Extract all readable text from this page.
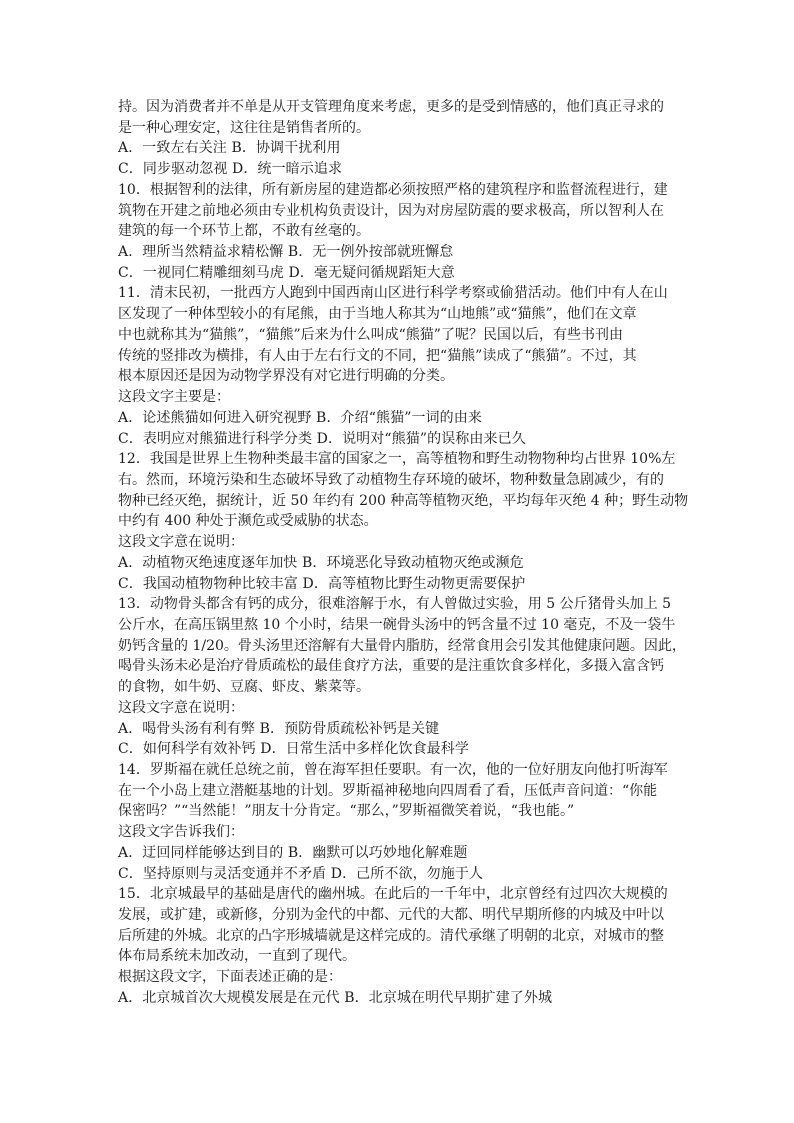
持。因为消费者并不单是从开支管理角度来考虑，更多的是受到情感的，他们真正寻求的
是一种心理安定，这往往是销售者所的。
A．一致左右关注 B．协调干扰利用
C．同步驱动忽视 D．统一暗示追求
10．根据智利的法律，所有新房屋的建造都必须按照严格的建筑程序和监督流程进行，建
筑物在开建之前地必须由专业机构负责设计，因为对房屋防震的要求极高，所以智利人在
建筑的每一个环节上都，不敢有丝毫的。
A．理所当然精益求精松懈 B．无一例外按部就班懈怠
C．一视同仁精雕细刻马虎 D．毫无疑问循规蹈矩大意
11．清末民初，一批西方人跑到中国西南山区进行科学考察或偷猎活动。他们中有人在山
区发现了一种体型较小的有尾熊，由于当地人称其为“山地熊”或“猫熊”，他们在文章
中也就称其为“猫熊”，“猫熊”后来为什么叫成“熊猫”了呢？民国以后，有些书刊由
传统的竖排改为横排，有人由于左右行文的不同，把“猫熊”读成了“熊猫”。不过，其
根本原因还是因为动物学界没有对它进行明确的分类。
这段文字主要是：
A．论述熊猫如何进入研究视野 B．介绍“熊猫”一词的由来
C．表明应对熊猫进行科学分类 D．说明对“熊猫”的误称由来已久
12．我国是世界上生物种类最丰富的国家之一，高等植物和野生动物物种均占世界 10%左
右。然而，环境污染和生态破坏导致了动植物生存环境的破坏，物种数量急剧减少，有的
物种已经灭绝，据统计，近 50 年约有 200 种高等植物灭绝，平均每年灭绝 4 种；野生动物
中约有 400 种处于濒危或受威胁的状态。
这段文字意在说明：
A．动植物灭绝速度逐年加快 B．环境恶化导致动植物灭绝或濒危
C．我国动植物物种比较丰富 D．高等植物比野生动物更需要保护
13．动物骨头都含有钙的成分，很难溶解于水，有人曾做过实验，用 5 公斤猪骨头加上 5
公斤水，在高压锅里熬 10 个小时，结果一碗骨头汤中的钙含量不过 10 毫克，不及一袋牛
奶钙含量的 1/20。骨头汤里还溶解有大量骨内脂肪，经常食用会引发其他健康问题。因此，
喝骨头汤未必是治疗骨质疏松的最佳食疗方法，重要的是注重饮食多样化，多摄入富含钙
的食物，如牛奶、豆腐、虾皮、紫菜等。
这段文字意在说明：
A．喝骨头汤有利有弊 B．预防骨质疏松补钙是关键
C．如何科学有效补钙 D．日常生活中多样化饮食最科学
14．罗斯福在就任总统之前，曾在海军担任要职。有一次，他的一位好朋友向他打听海军
在一个小岛上建立潜艇基地的计划。罗斯福神秘地向四周看了看，压低声音问道：“你能
保密吗？”“当然能！”朋友十分肯定。“那么，”罗斯福微笑着说，“我也能。”
这段文字告诉我们：
A．迂回同样能够达到目的 B．幽默可以巧妙地化解难题
C．坚持原则与灵活变通并不矛盾 D．己所不欲，勿施于人
15．北京城最早的基础是唐代的幽州城。在此后的一千年中，北京曾经有过四次大规模的
发展，或扩建，或新修，分别为金代的中都、元代的大都、明代早期所修的内城及中叶以
后所建的外城。北京的凸字形城墙就是这样完成的。清代承继了明朝的北京，对城市的整
体布局系统未加改动，一直到了现代。
根据这段文字，下面表述正确的是：
A．北京城首次大规模发展是在元代 B．北京城在明代早期扩建了外城
